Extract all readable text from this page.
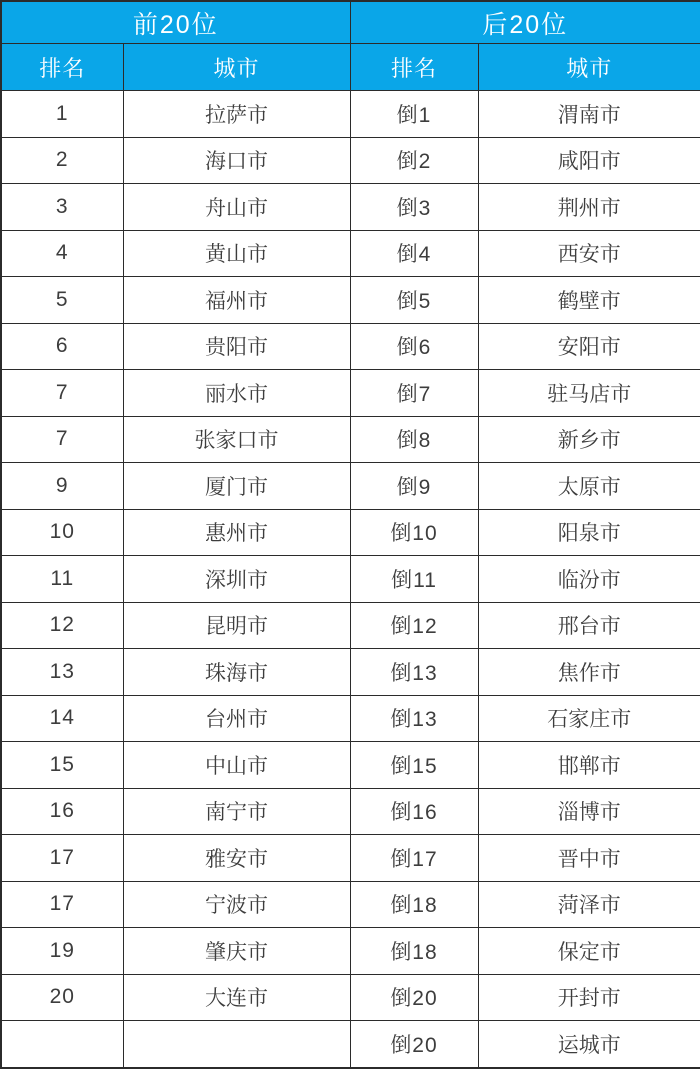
前20位		后20位	
排名	城市	排名	城市
1	拉萨市	倒1	渭南市
2	海口市	倒2	咸阳市
3	舟山市	倒3	荆州市
4	黄山市	倒4	西安市
5	福州市	倒5	鹤壁市
6	贵阳市	倒6	安阳市
7	丽水市	倒7	驻马店市
7	张家口市	倒8	新乡市
9	厦门市	倒9	太原市
10	惠州市	倒10	阳泉市
11	深圳市	倒11	临汾市
12	昆明市	倒12	邢台市
13	珠海市	倒13	焦作市
14	台州市	倒13	石家庄市
15	中山市	倒15	邯郸市
16	南宁市	倒16	淄博市
17	雅安市	倒17	晋中市
17	宁波市	倒18	菏泽市
19	肇庆市	倒18	保定市
20	大连市	倒20	开封市
		倒20	运城市
